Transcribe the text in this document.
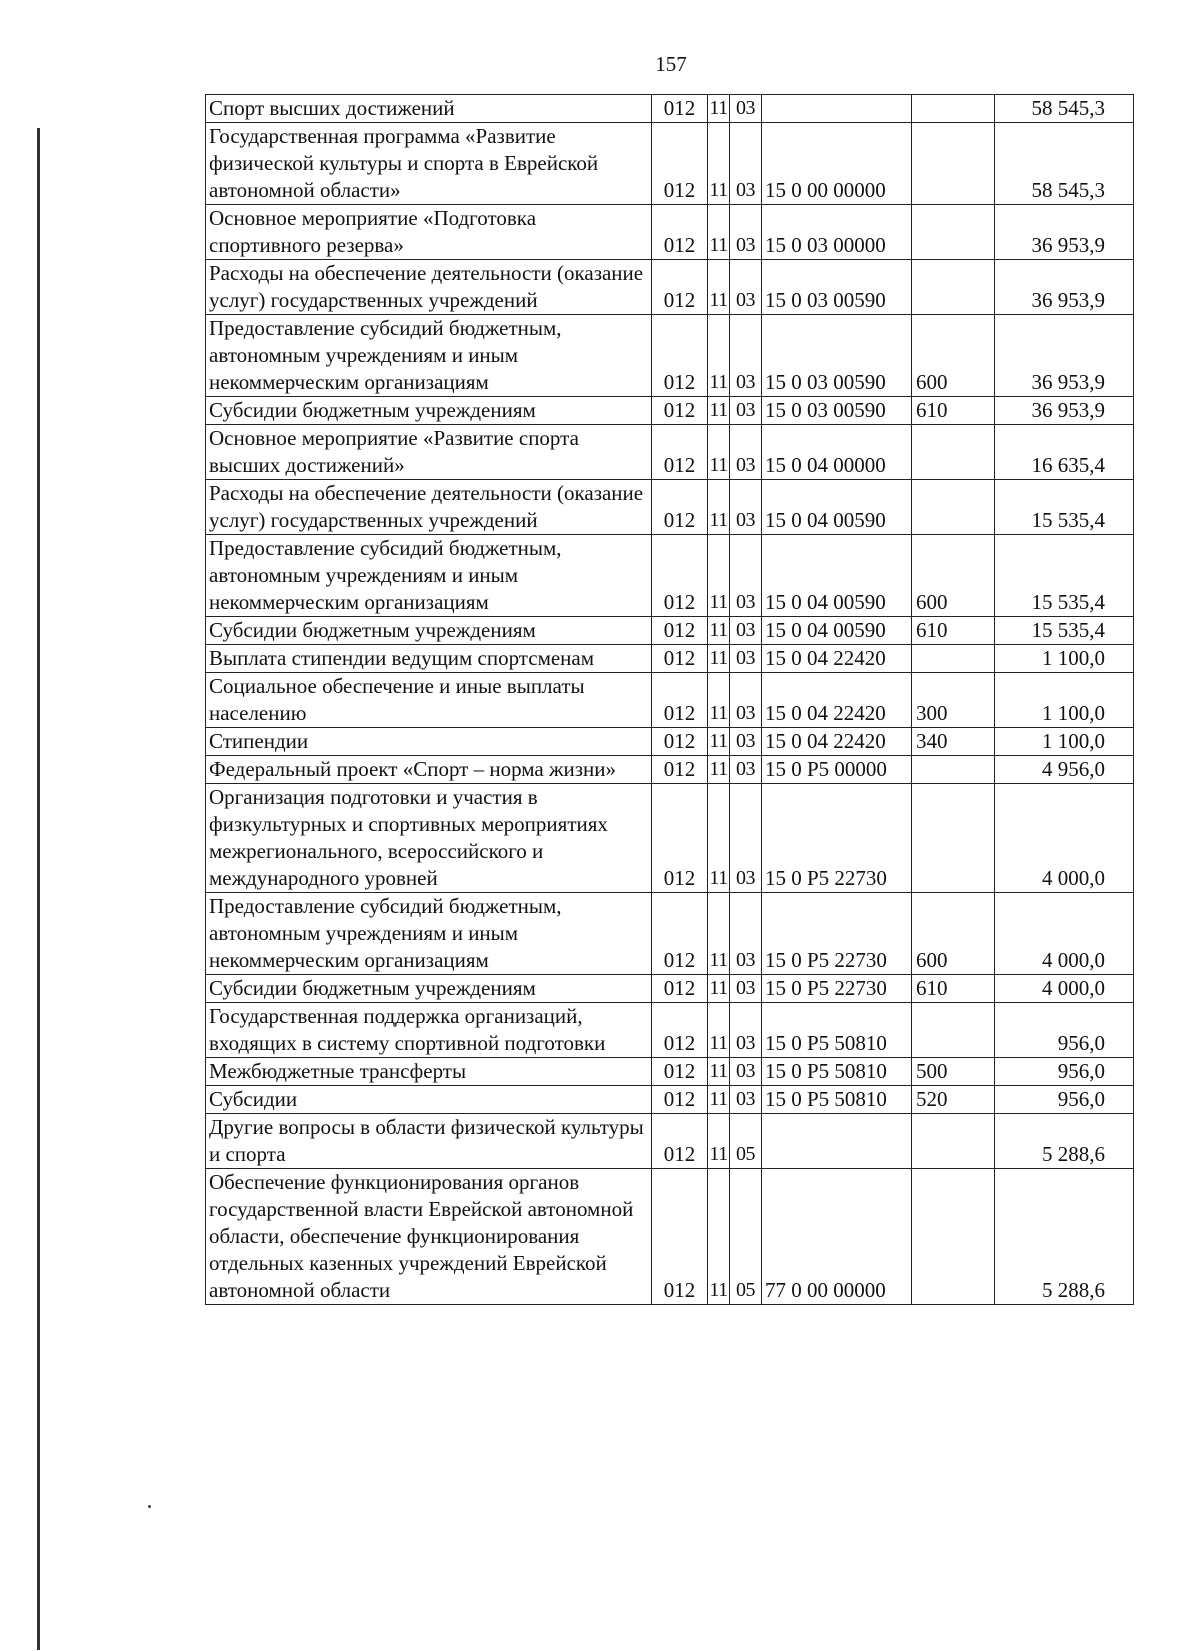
157
Спорт высших достижений	012	11	03			58 545,3
Государственная программа «Развитие физической культуры и спорта в Еврейской автономной области»	012	11	03	15 0 00 00000		58 545,3
Основное мероприятие «Подготовка спортивного резерва»	012	11	03	15 0 03 00000		36 953,9
Расходы на обеспечение деятельности (оказание услуг) государственных учреждений	012	11	03	15 0 03 00590		36 953,9
Предоставление субсидий бюджетным, автономным учреждениям и иным некоммерческим организациям	012	11	03	15 0 03 00590	600	36 953,9
Субсидии бюджетным учреждениям	012	11	03	15 0 03 00590	610	36 953,9
Основное мероприятие «Развитие спорта высших достижений»	012	11	03	15 0 04 00000		16 635,4
Расходы на обеспечение деятельности (оказание услуг) государственных учреждений	012	11	03	15 0 04 00590		15 535,4
Предоставление субсидий бюджетным, автономным учреждениям и иным некоммерческим организациям	012	11	03	15 0 04 00590	600	15 535,4
Субсидии бюджетным учреждениям	012	11	03	15 0 04 00590	610	15 535,4
Выплата стипендии ведущим спортсменам	012	11	03	15 0 04 22420		1 100,0
Социальное обеспечение и иные выплаты населению	012	11	03	15 0 04 22420	300	1 100,0
Стипендии	012	11	03	15 0 04 22420	340	1 100,0
Федеральный проект «Спорт – норма жизни»	012	11	03	15 0 Р5 00000		4 956,0
Организация подготовки и участия в физкультурных и спортивных мероприятиях межрегионального, всероссийского и международного уровней	012	11	03	15 0 Р5 22730		4 000,0
Предоставление субсидий бюджетным, автономным учреждениям и иным некоммерческим организациям	012	11	03	15 0 Р5 22730	600	4 000,0
Субсидии бюджетным учреждениям	012	11	03	15 0 Р5 22730	610	4 000,0
Государственная поддержка организаций, входящих в систему спортивной подготовки	012	11	03	15 0 Р5 50810		956,0
Межбюджетные трансферты	012	11	03	15 0 Р5 50810	500	956,0
Субсидии	012	11	03	15 0 Р5 50810	520	956,0
Другие вопросы в области физической культуры и спорта	012	11	05			5 288,6
Обеспечение функционирования органов государственной власти Еврейской автономной области, обеспечение функционирования отдельных казенных учреждений Еврейской автономной области	012	11	05	77 0 00 00000		5 288,6
